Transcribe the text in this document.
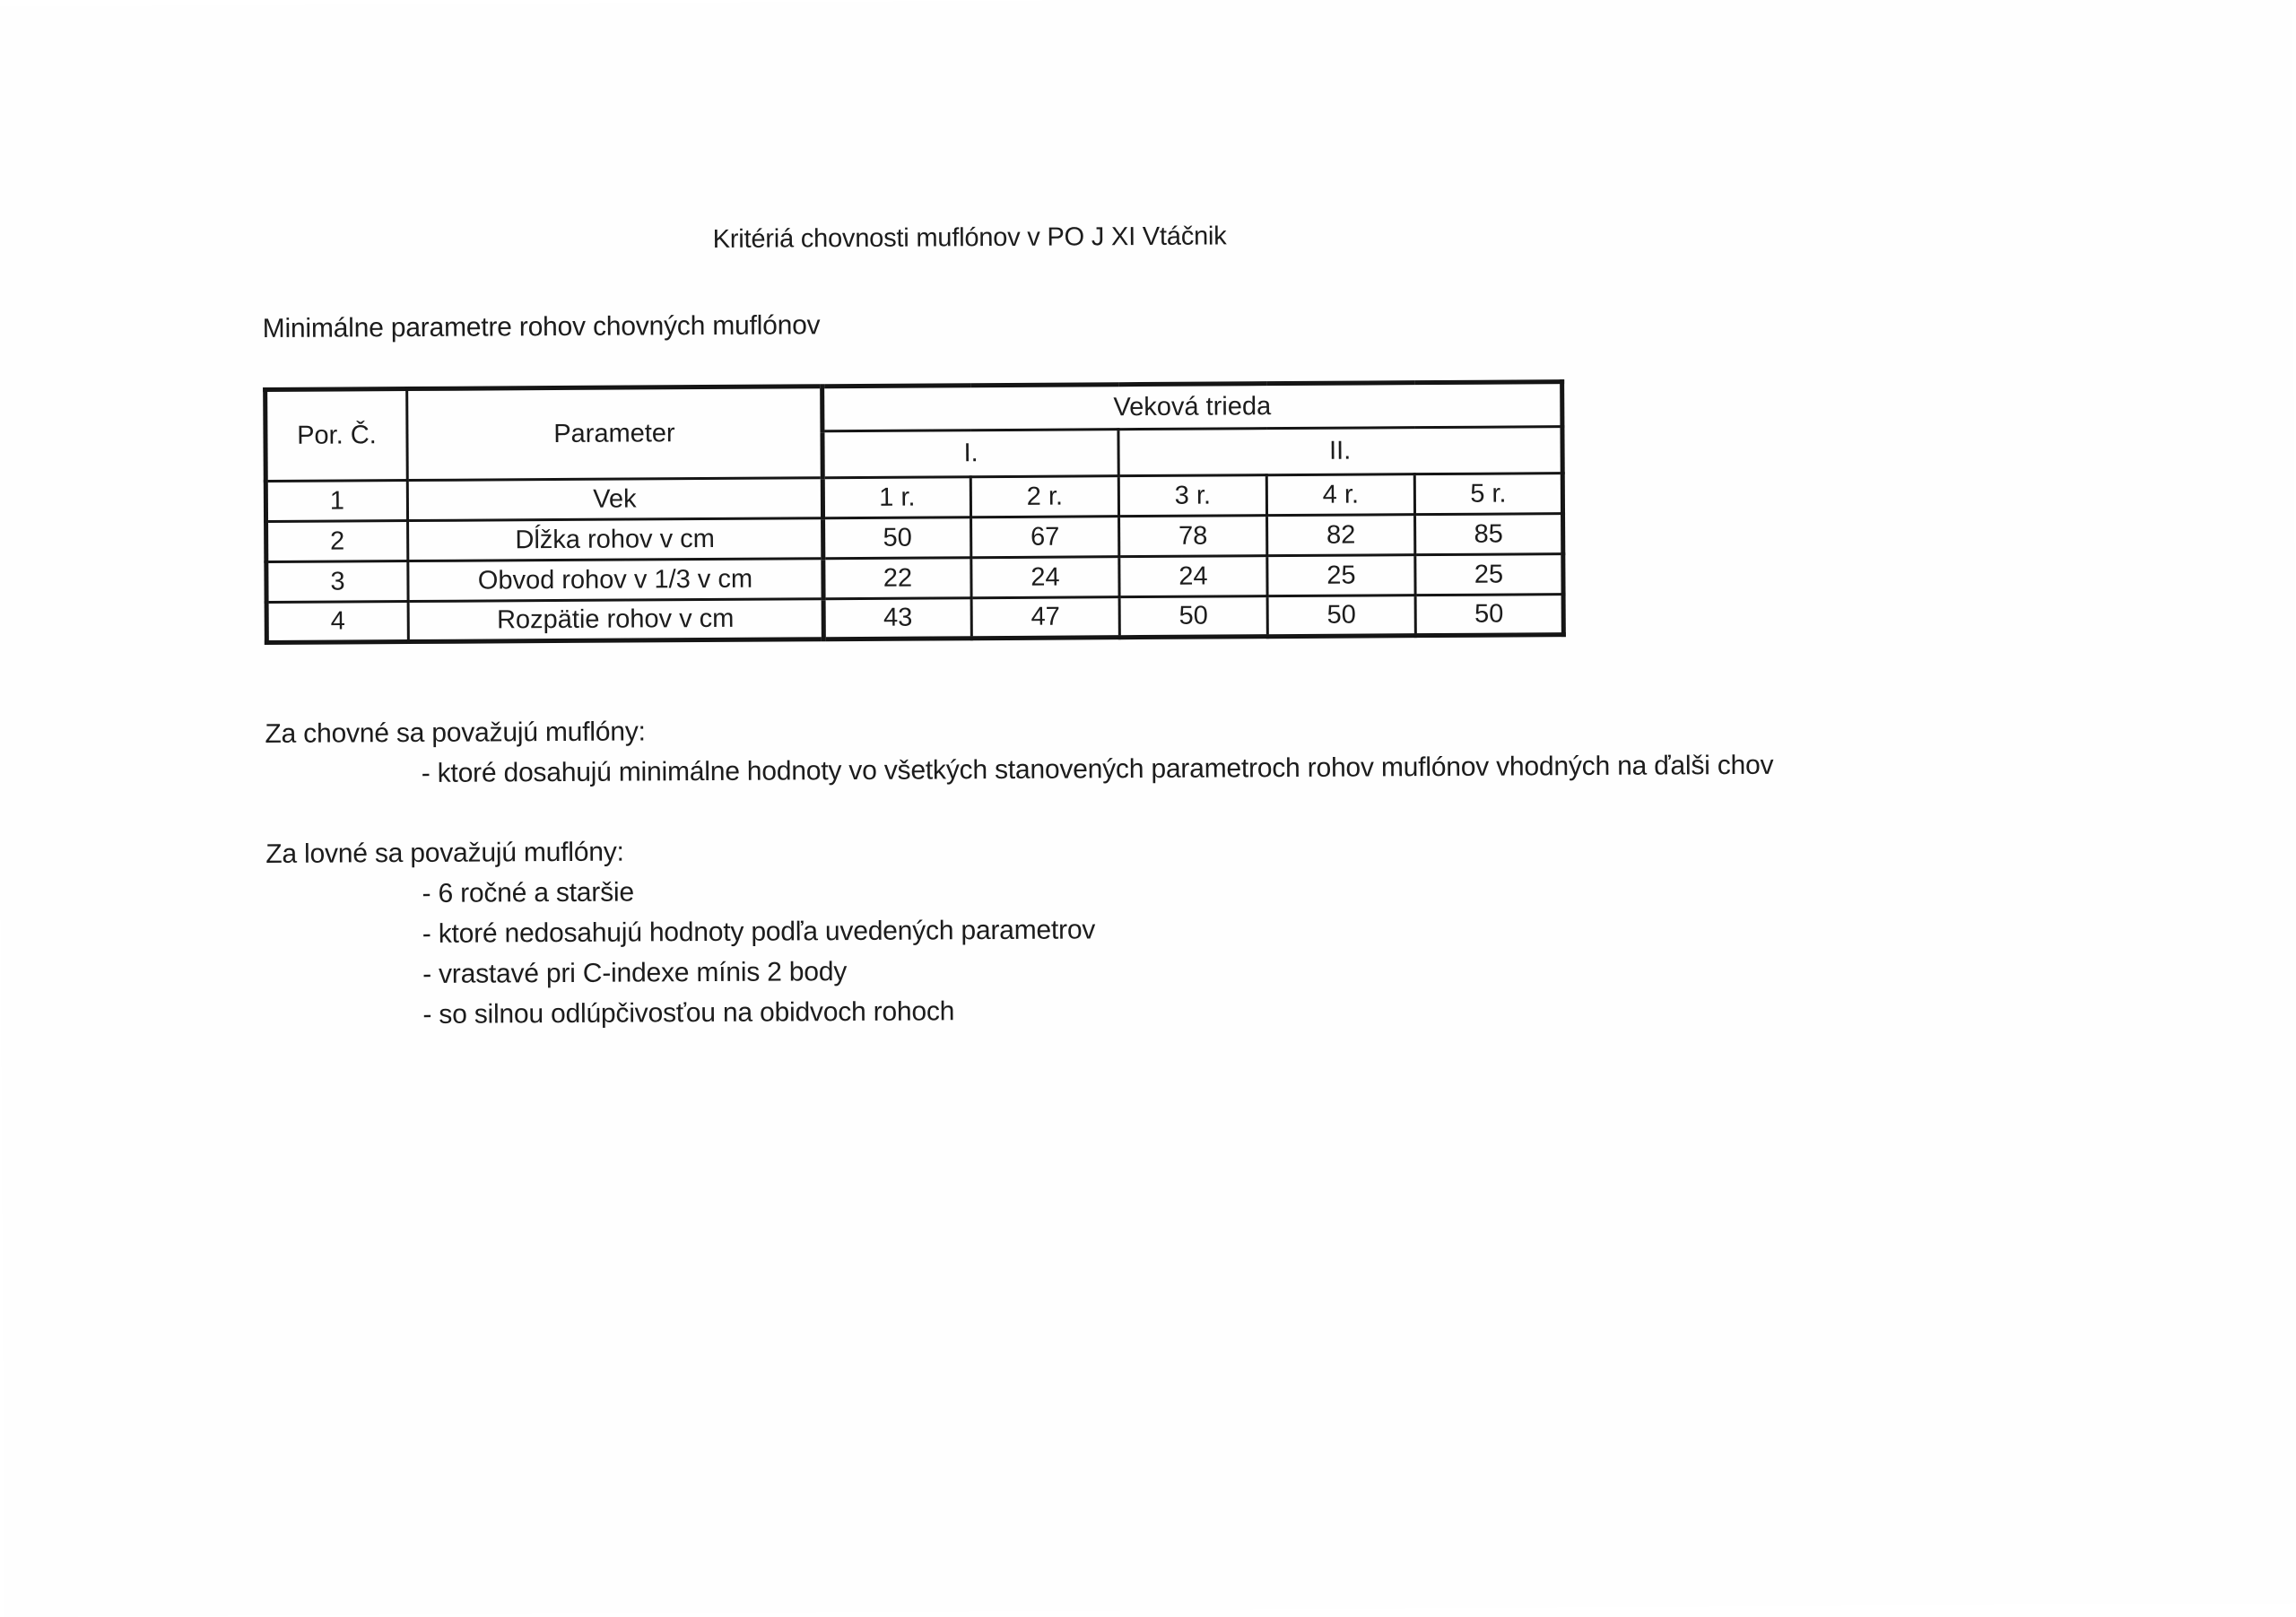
Kritériá chovnosti muflónov v PO J XI Vtáčnik
Minimálne parametre rohov chovných muflónov
Por. Č.	Parameter	Veková trieda				
		I.		II.		
1	Vek	1 r.	2 r.	3 r.	4 r.	5 r.
2	Dĺžka rohov v cm	50	67	78	82	85
3	Obvod rohov v 1/3 v cm	22	24	24	25	25
4	Rozpätie rohov v cm	43	47	50	50	50
Za chovné sa považujú muflóny:
- ktoré dosahujú minimálne hodnoty vo všetkých stanovených parametroch rohov muflónov vhodných na ďalši chov
Za lovné sa považujú muflóny:
- 6 ročné a staršie
- ktoré nedosahujú hodnoty podľa uvedených parametrov
- vrastavé pri C-indexe mínis 2 body
- so silnou odlúpčivosťou na obidvoch rohoch
